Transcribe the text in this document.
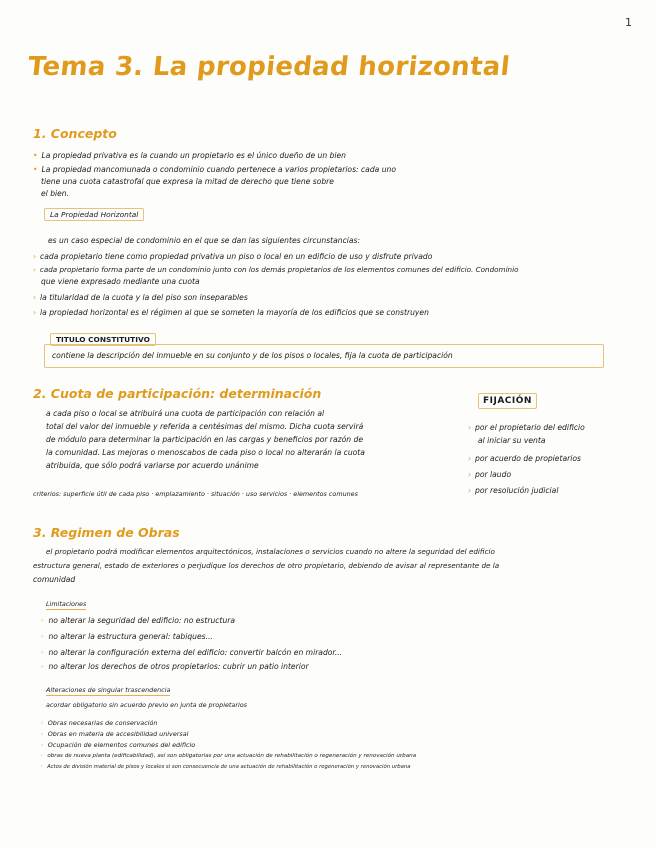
1
Tema 3. La propiedad horizontal
1. Concepto
• La propiedad privativa es la cuando un propietario es el único dueño de un bien
• La propiedad mancomunada o condominio cuando pertenece a varios propietarios: cada uno
tiene una cuota catastrofal que expresa la mitad de derecho que tiene sobre
el bien.
La Propiedad Horizontal
es un caso especial de condominio en el que se dan las siguientes circunstancias:
› cada propietario tiene como propiedad privativa un piso o local en un edificio de uso y disfrute privado
› cada propietario forma parte de un condominio junto con los demás propietarios de los elementos comunes del edificio. Condominio
que viene expresado mediante una cuota
› la titularidad de la cuota y la del piso son inseparables
› la propiedad horizontal es el régimen al que se someten la mayoría de los edificios que se construyen
TITULO CONSTITUTIVO
contiene la descripción del inmueble en su conjunto y de los pisos o locales, fija la cuota de participación
2. Cuota de participación: determinación
a cada piso o local se atribuirá una cuota de participación con relación al
total del valor del inmueble y referida a centésimas del mismo. Dicha cuota servirá
de módulo para determinar la participación en las cargas y beneficios por razón de
la comunidad. Las mejoras o menoscabos de cada piso o local no alterarán la cuota
atribuida, que sólo podrá variarse por acuerdo unánime
criterios: superficie útil de cada piso · emplazamiento · situación · uso servicios · elementos comunes
FIJACIÓN
› por el propietario del edificio
al iniciar su venta
› por acuerdo de propietarios
› por laudo
› por resolución judicial
3. Regimen de Obras
el propietario podrá modificar elementos arquitectónicos, instalaciones o servicios cuando no altere la seguridad del edificio
estructura general, estado de exteriores o perjudique los derechos de otro propietario, debiendo de avisar al representante de la
comunidad
Limitaciones
◦ no alterar la seguridad del edificio: no estructura
◦ no alterar la estructura general: tabiques...
◦ no alterar la configuración externa del edificio: convertir balcón en mirador...
◦ no alterar los derechos de otros propietarios: cubrir un patio interior
Alteraciones de singular trascendencia
acordar obligatorio sin acuerdo previo en junta de propietarios
◦ Obras necesarias de conservación
◦ Obras en materia de accesibilidad universal
◦ Ocupación de elementos comunes del edificio
◦ obras de nueva planta (edificabilidad), así son obligatorias por una actuación de rehabilitación o regeneración y renovación urbana
◦ Actos de división material de pisos y locales si son consecuencia de una actuación de rehabilitación o regeneración y renovación urbana
